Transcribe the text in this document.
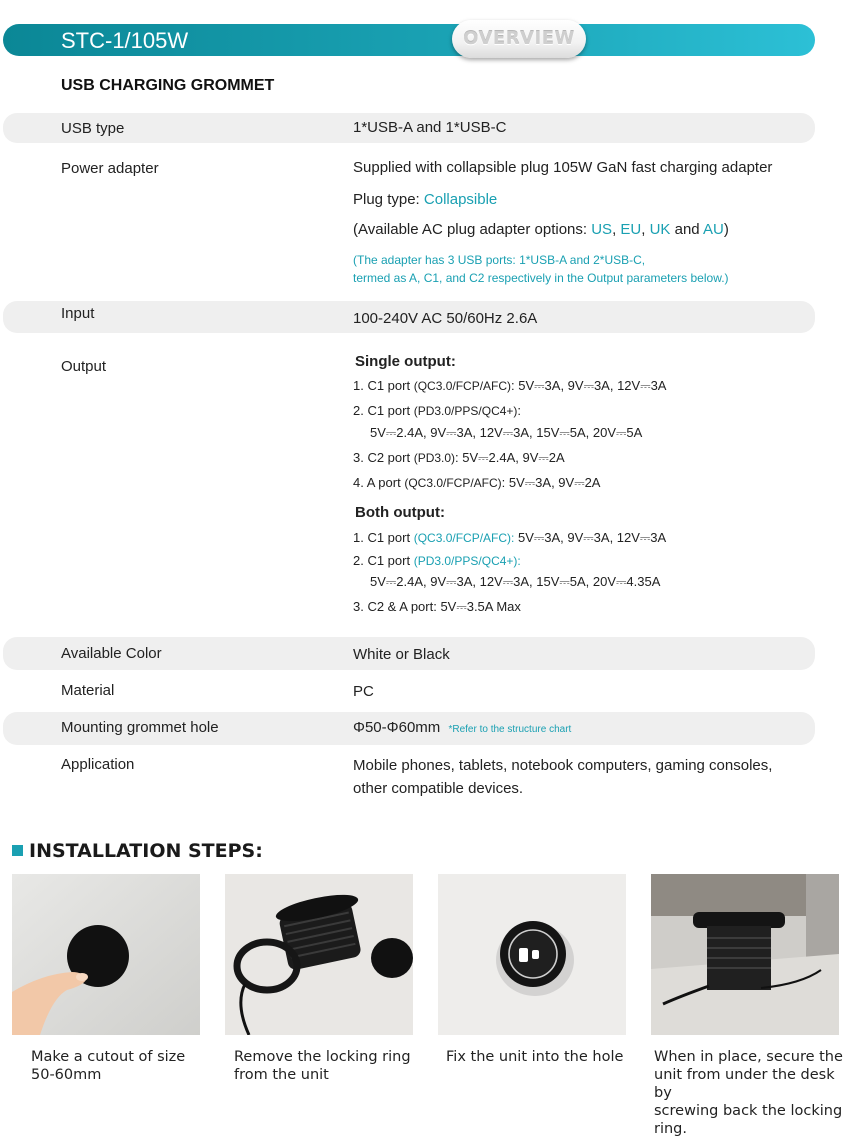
STC-1/105W	OVERVIEW
USB CHARGING GROMMET
USB type	1*USB-A and 1*USB-C
Power adapter	Supplied with collapsible plug 105W GaN fast charging adapter
Plug type: Collapsible
(Available AC plug adapter options: US, EU, UK and AU)
(The adapter has 3 USB ports: 1*USB-A and 2*USB-C,
termed as A, C1, and C2 respectively in the Output parameters below.)
Input	100-240V AC 50/60Hz 2.6A
Output	Single output:
1. C1 port (QC3.0/FCP/AFC): 5V⎓3A, 9V⎓3A, 12V⎓3A
2. C1 port (PD3.0/PPS/QC4+):
5V⎓2.4A, 9V⎓3A, 12V⎓3A, 15V⎓5A, 20V⎓5A
3. C2 port (PD3.0): 5V⎓2.4A, 9V⎓2A
4. A port (QC3.0/FCP/AFC): 5V⎓3A, 9V⎓2A
Both output:
1. C1 port (QC3.0/FCP/AFC): 5V⎓3A, 9V⎓3A, 12V⎓3A
2. C1 port (PD3.0/PPS/QC4+):
5V⎓2.4A, 9V⎓3A, 12V⎓3A, 15V⎓5A, 20V⎓4.35A
3. C2 & A port: 5V⎓3.5A Max
Available Color	White or Black
Material	PC
Mounting grommet hole	Φ50-Φ60mm *Refer to the structure chart
Application	Mobile phones, tablets, notebook computers, gaming consoles,
other compatible devices.
INSTALLATION STEPS:
Make a cutout of size
50-60mm
Remove the locking ring
from the unit
Fix the unit into the hole When in place, secure the
unit from under the desk by
screwing back the locking
ring.
